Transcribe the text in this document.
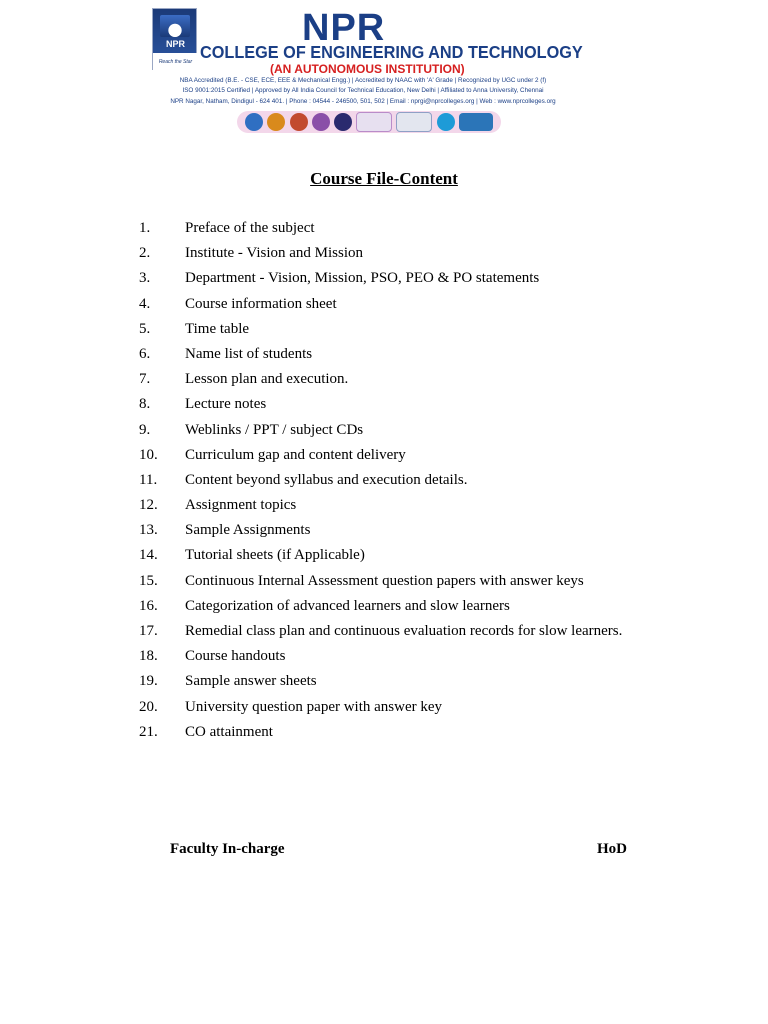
NPR
Reach the Star
NPR
COLLEGE OF ENGINEERING AND TECHNOLOGY
(AN AUTONOMOUS INSTITUTION)
NBA Accredited (B.E. - CSE, ECE, EEE & Mechanical Engg.) | Accredited by NAAC with 'A' Grade | Recognized by UGC under 2 (f)
ISO 9001:2015 Certified | Approved by All India Council for Technical Education, New Delhi | Affiliated to Anna University, Chennai
NPR Nagar, Natham, Dindigul - 624 401. | Phone : 04544 - 246500, 501, 502 | Email : nprgi@nprcolleges.org | Web : www.nprcolleges.org
Course File-Content
1. Preface of the subject
2. Institute - Vision and Mission
3. Department - Vision, Mission, PSO, PEO & PO statements
4. Course information sheet
5. Time table
6. Name list of students
7. Lesson plan and execution.
8. Lecture notes
9. Weblinks / PPT / subject CDs
10. Curriculum gap and content delivery
11. Content beyond syllabus and execution details.
12. Assignment topics
13. Sample Assignments
14. Tutorial sheets (if Applicable)
15. Continuous Internal Assessment question papers with answer keys
16. Categorization of advanced learners and slow learners
17. Remedial class plan and continuous evaluation records for slow learners.
18. Course handouts
19. Sample answer sheets
20. University question paper with answer key
21. CO attainment
Faculty In-charge	HoD
